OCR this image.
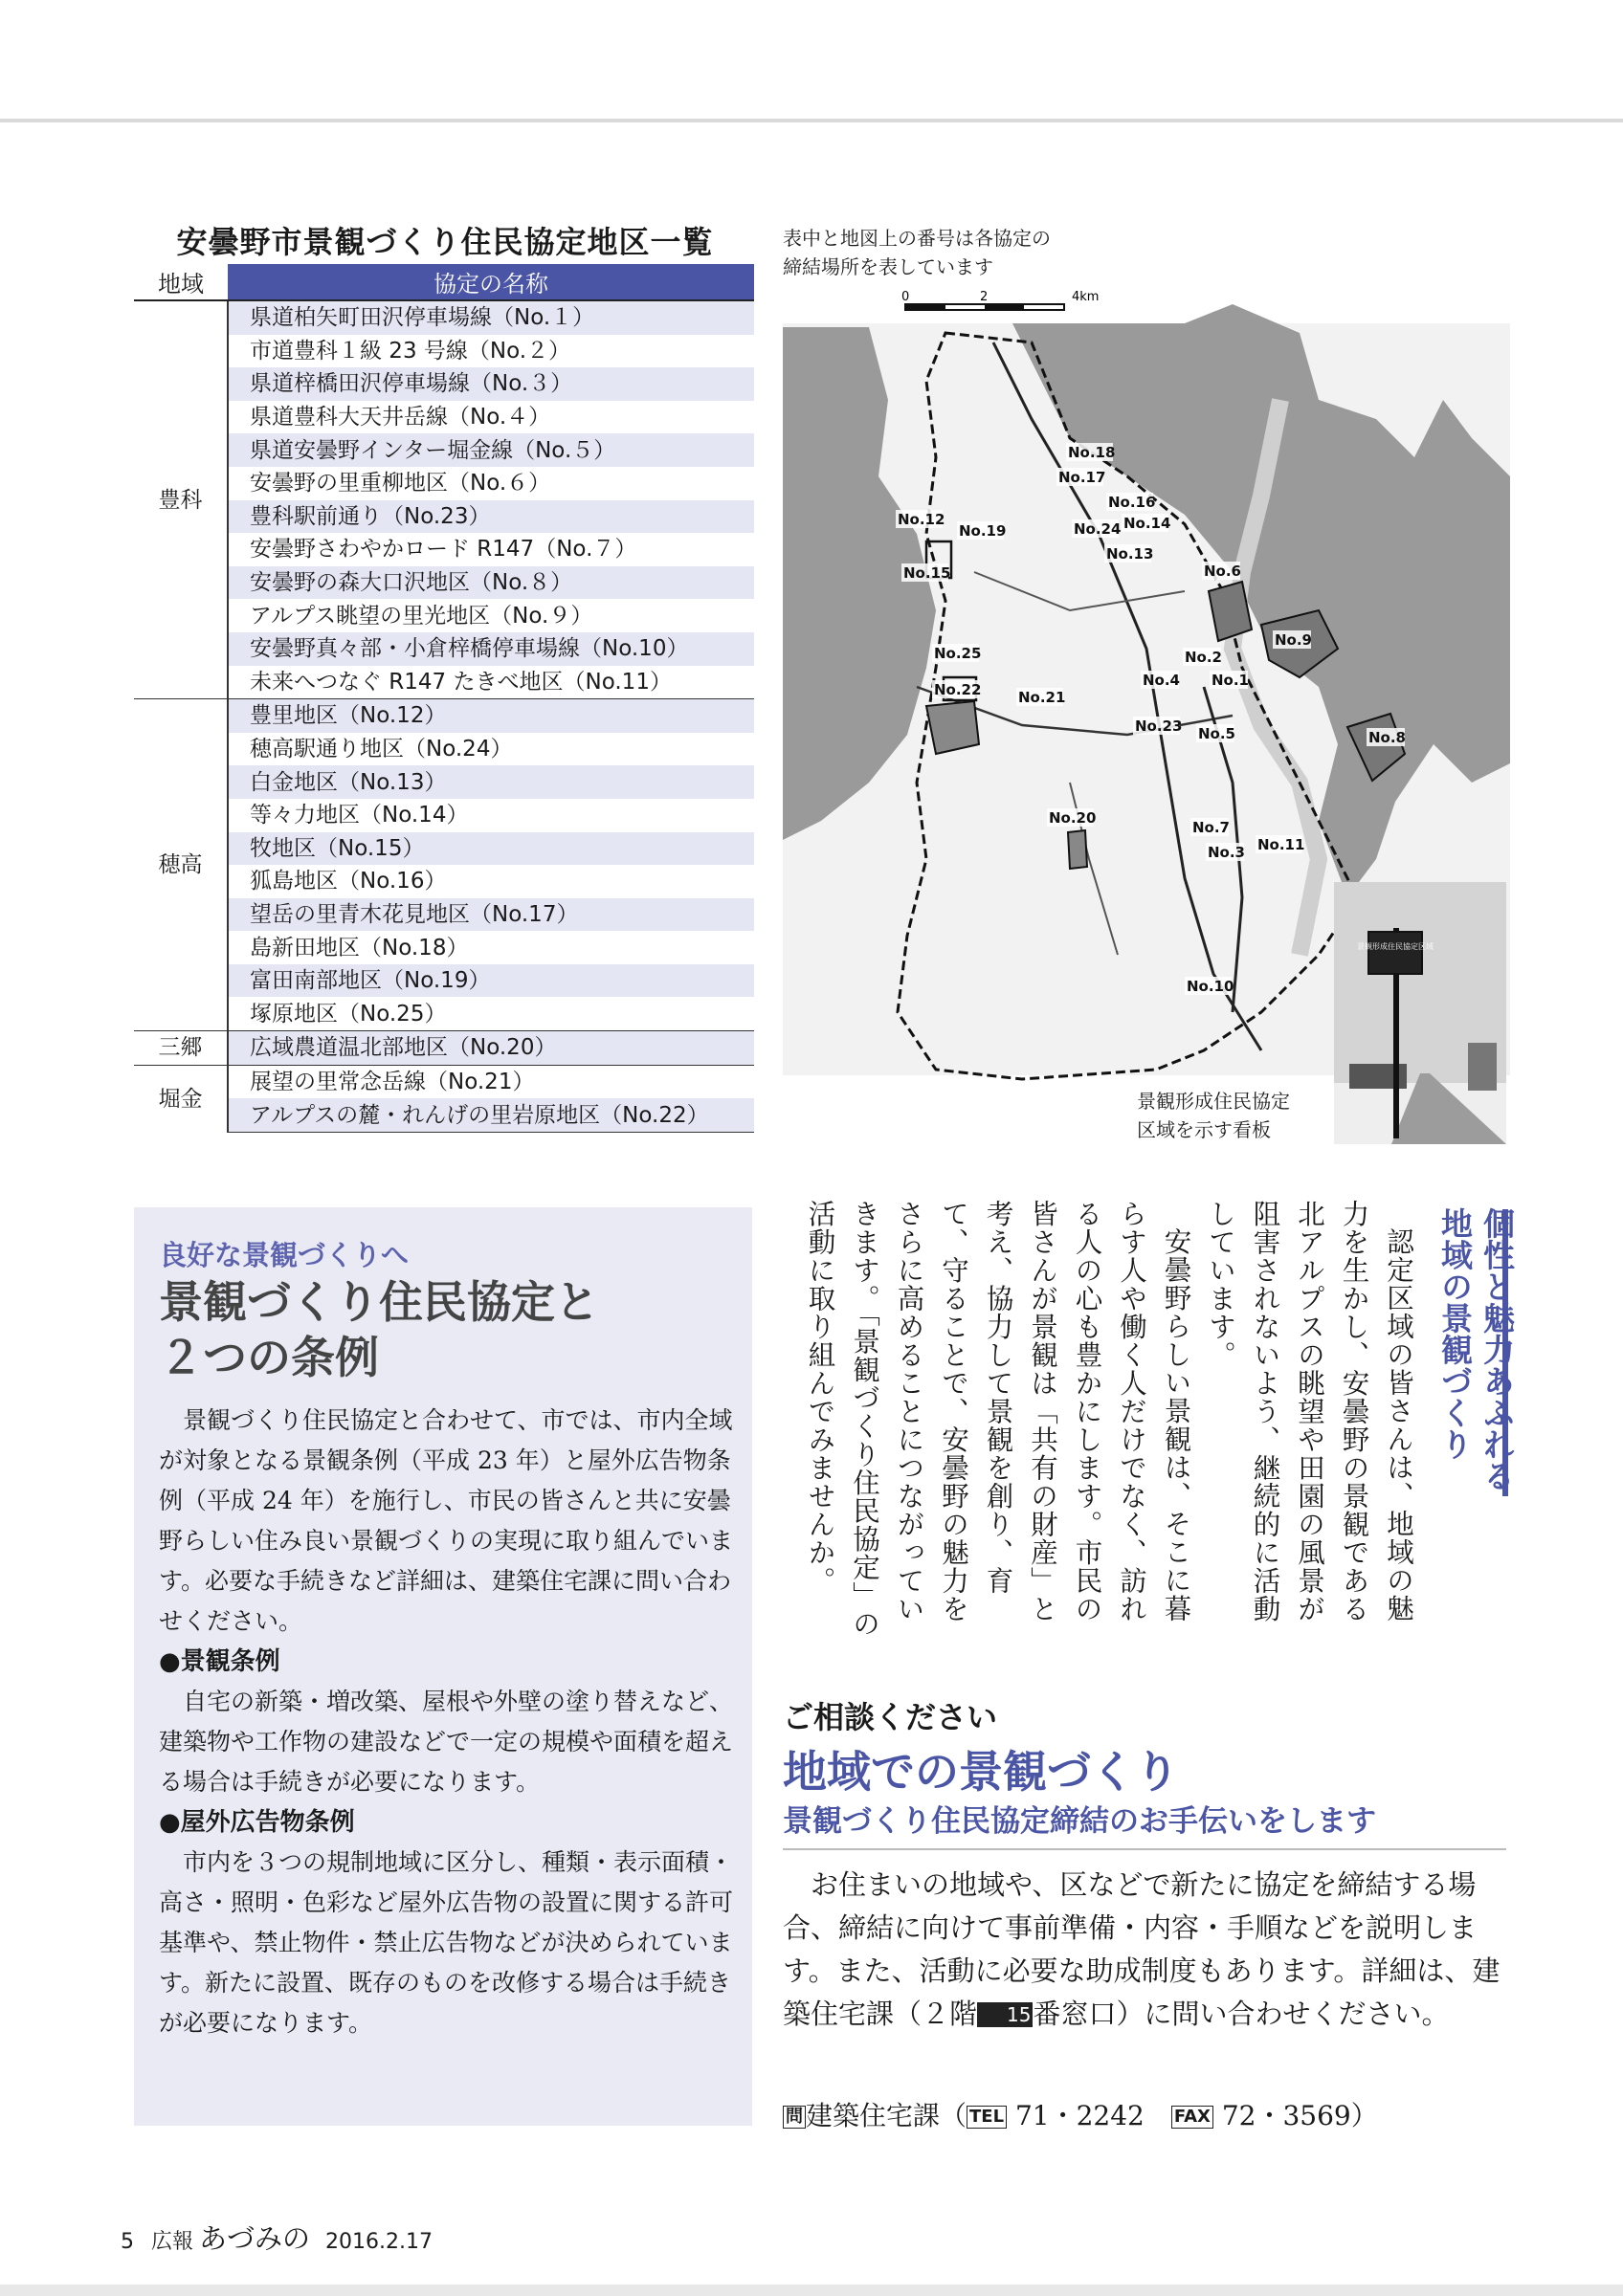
安曇野市景観づくり住民協定地区一覧
地域	協定の名称
豊科	県道柏矢町田沢停車場線（No.１）
	市道豊科１級 23 号線（No.２）
	県道梓橋田沢停車場線（No.３）
	県道豊科大天井岳線（No.４）
	県道安曇野インター堀金線（No.５）
	安曇野の里重柳地区（No.６）
	豊科駅前通り（No.23）
	安曇野さわやかロード R147（No.７）
	安曇野の森大口沢地区（No.８）
	アルプス眺望の里光地区（No.９）
	安曇野真々部・小倉梓橋停車場線（No.10）
	未来へつなぐ R147 たきべ地区（No.11）
穂高	豊里地区（No.12）
	穂高駅通り地区（No.24）
	白金地区（No.13）
	等々力地区（No.14）
	牧地区（No.15）
	狐島地区（No.16）
	望岳の里青木花見地区（No.17）
	島新田地区（No.18）
	富田南部地区（No.19）
	塚原地区（No.25）
三郷	広域農道温北部地区（No.20）
堀金	展望の里常念岳線（No.21）
	アルプスの麓・れんげの里岩原地区（No.22）
表中と地図上の番号は各協定の
締結場所を表しています
0	2	4km
No.18
No.17
No.16
No.14
No.12
No.19	No.24
No.13
No.6
No.15
No.9
No.2
No.4 No.1
No.25
No.22	No.21
No.23 No.5	No.8
No.20
No.7
No.3 No.11
No.10
景観形成住民協定区域
景観形成住民協定
区域を示す看板
良好な景観づくりへ
景観づくり住民協定と
２つの条例

景観づくり住民協定と合わせて、市では、市内全域が対象となる景観条例（平成 23 年）と屋外広告物条例（平成 24 年）を施行し、市民の皆さんと共に安曇野らしい住み良い景観づくりの実現に取り組んでいます。必要な手続きなど詳細は、建築住宅課に問い合わせください。

●景観条例

自宅の新築・増改築、屋根や外壁の塗り替えなど、建築物や工作物の建設などで一定の規模や面積を超える場合は手続きが必要になります。

●屋外広告物条例

市内を３つの規制地域に区分し、種類・表示面積・高さ・照明・色彩など屋外広告物の設置に関する許可基準や、禁止物件・禁止広告物などが決められています。新たに設置、既存のものを改修する場合は手続きが必要になります。

個性と魅力あふれる
地域の景観づくり

認定区域の皆さんは、地域の魅力を生かし、安曇野の景観である北アルプスの眺望や田園の風景が阻害されないよう、継続的に活動しています。

安曇野らしい景観は、そこに暮らす人や働く人だけでなく、訪れる人の心も豊かにします。市民の皆さんが景観は「共有の財産」と考え、協力して景観を創り、育て、守ることで、安曇野の魅力をさらに高めることにつながっていきます。「景観づくり住民協定」の活動に取り組んでみませんか。

ご相談ください
地域での景観づくり
景観づくり住民協定締結のお手伝いをします

お住まいの地域や、区などで新たに協定を締結する場合、締結に向けて事前準備・内容・手順などを説明します。また、活動に必要な助成制度もあります。詳細は、建築住宅課（２階 15番窓口）に問い合わせください。

問 建築住宅課（ TEL 71・2242　 FAX 72・3569）
5 広報 あづみの 2016.2.17
